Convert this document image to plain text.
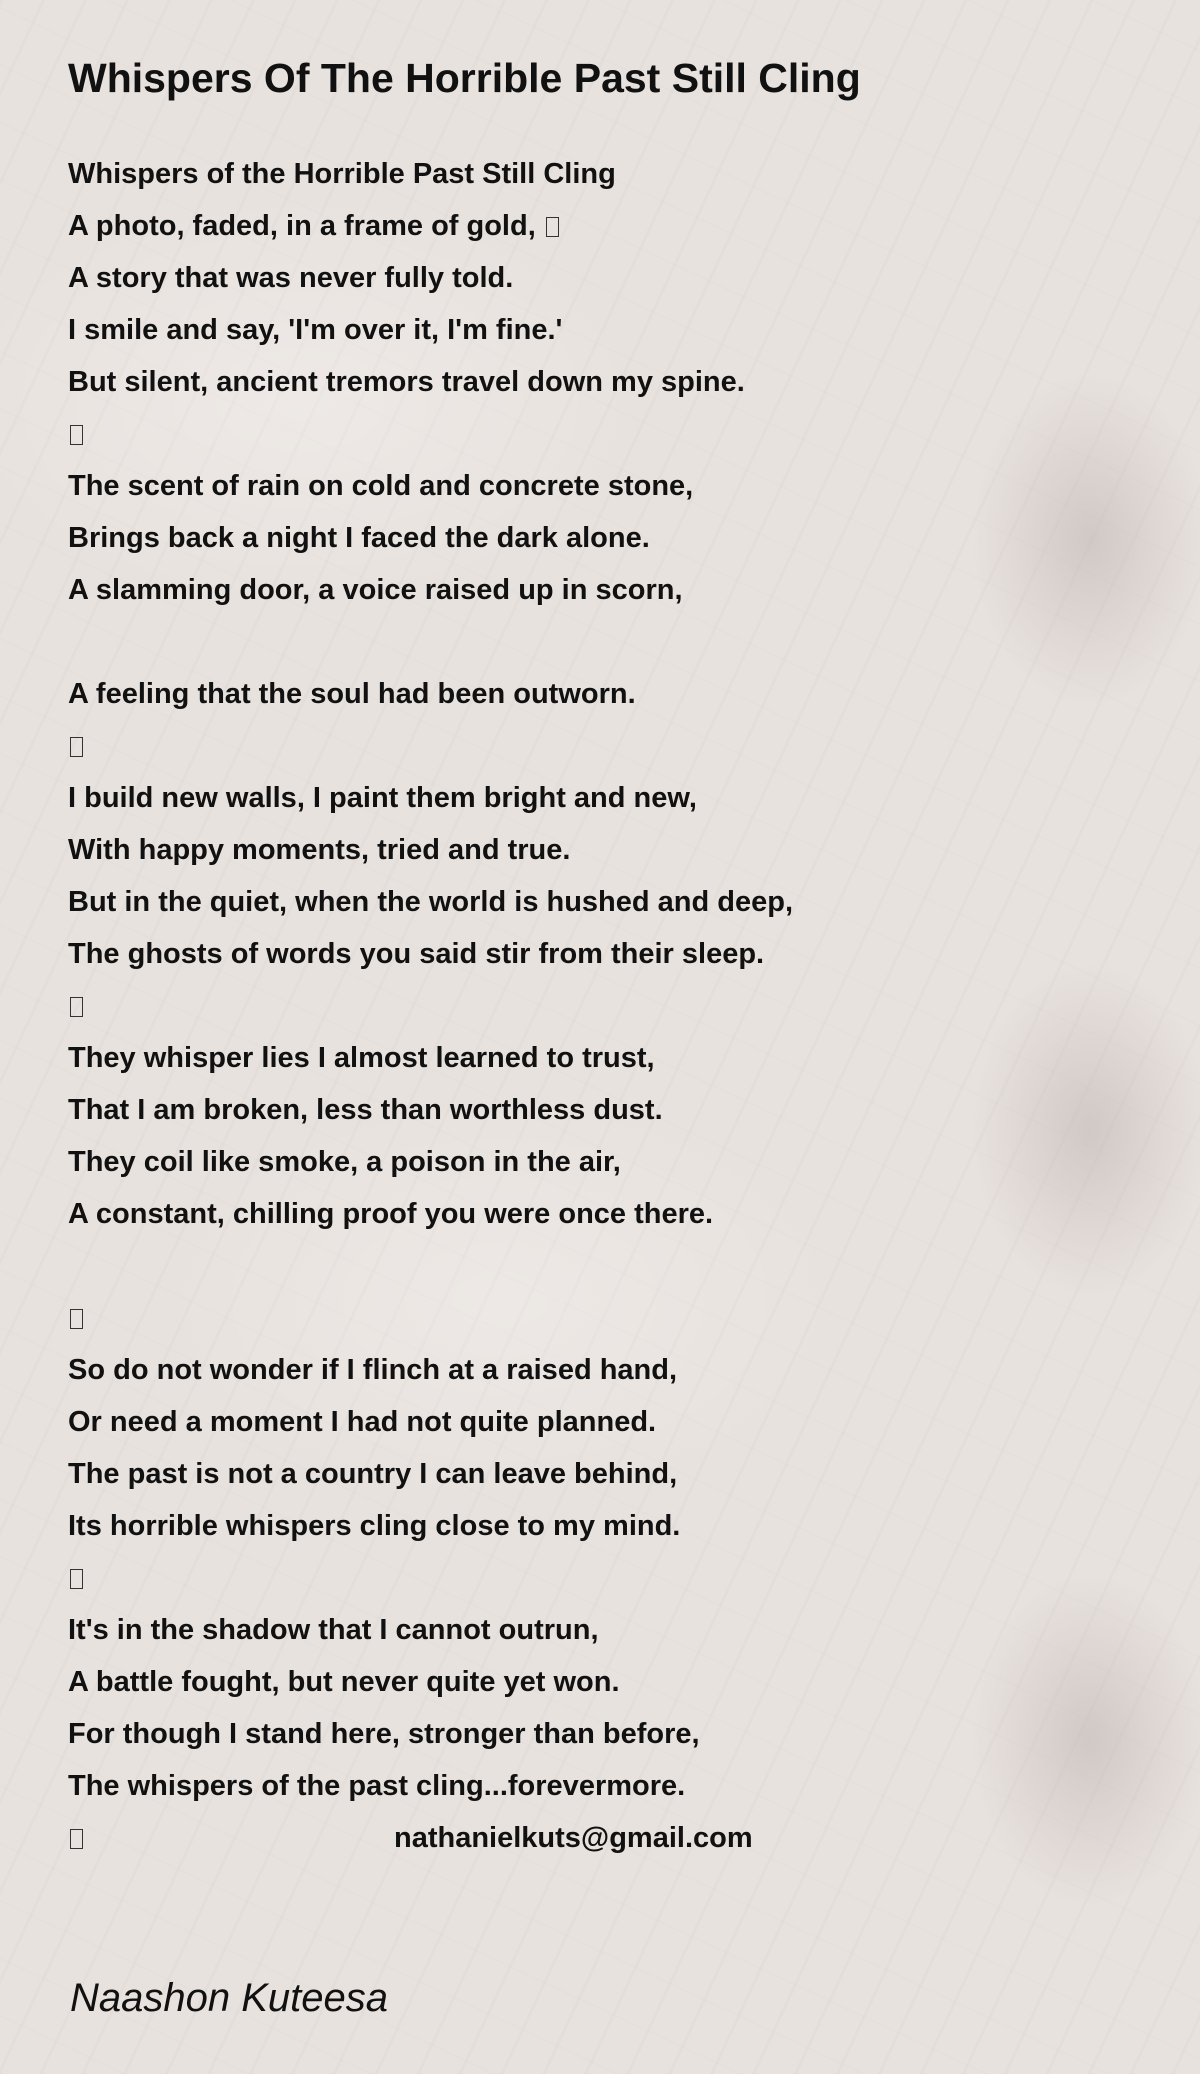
Whispers Of The Horrible Past Still Cling
Whispers of the Horrible Past Still Cling
A photo, faded, in a frame of gold,
A story that was never fully told.
I smile and say, 'I'm over it, I'm fine.'
But silent, ancient tremors travel down my spine.
The scent of rain on cold and concrete stone,
Brings back a night I faced the dark alone.
A slamming door, a voice raised up in scorn,
A feeling that the soul had been outworn.
I build new walls, I paint them bright and new,
With happy moments, tried and true.
But in the quiet, when the world is hushed and deep,
The ghosts of words you said stir from their sleep.
They whisper lies I almost learned to trust,
That I am broken, less than worthless dust.
They coil like smoke, a poison in the air,
A constant, chilling proof you were once there.
So do not wonder if I flinch at a raised hand,
Or need a moment I had not quite planned.
The past is not a country I can leave behind,
Its horrible whispers cling close to my mind.
It's in the shadow that I cannot outrun,
A battle fought, but never quite yet won.
For though I stand here, stronger than before,
The whispers of the past cling...forevermore.
nathanielkuts@gmail.com
Naashon Kuteesa
